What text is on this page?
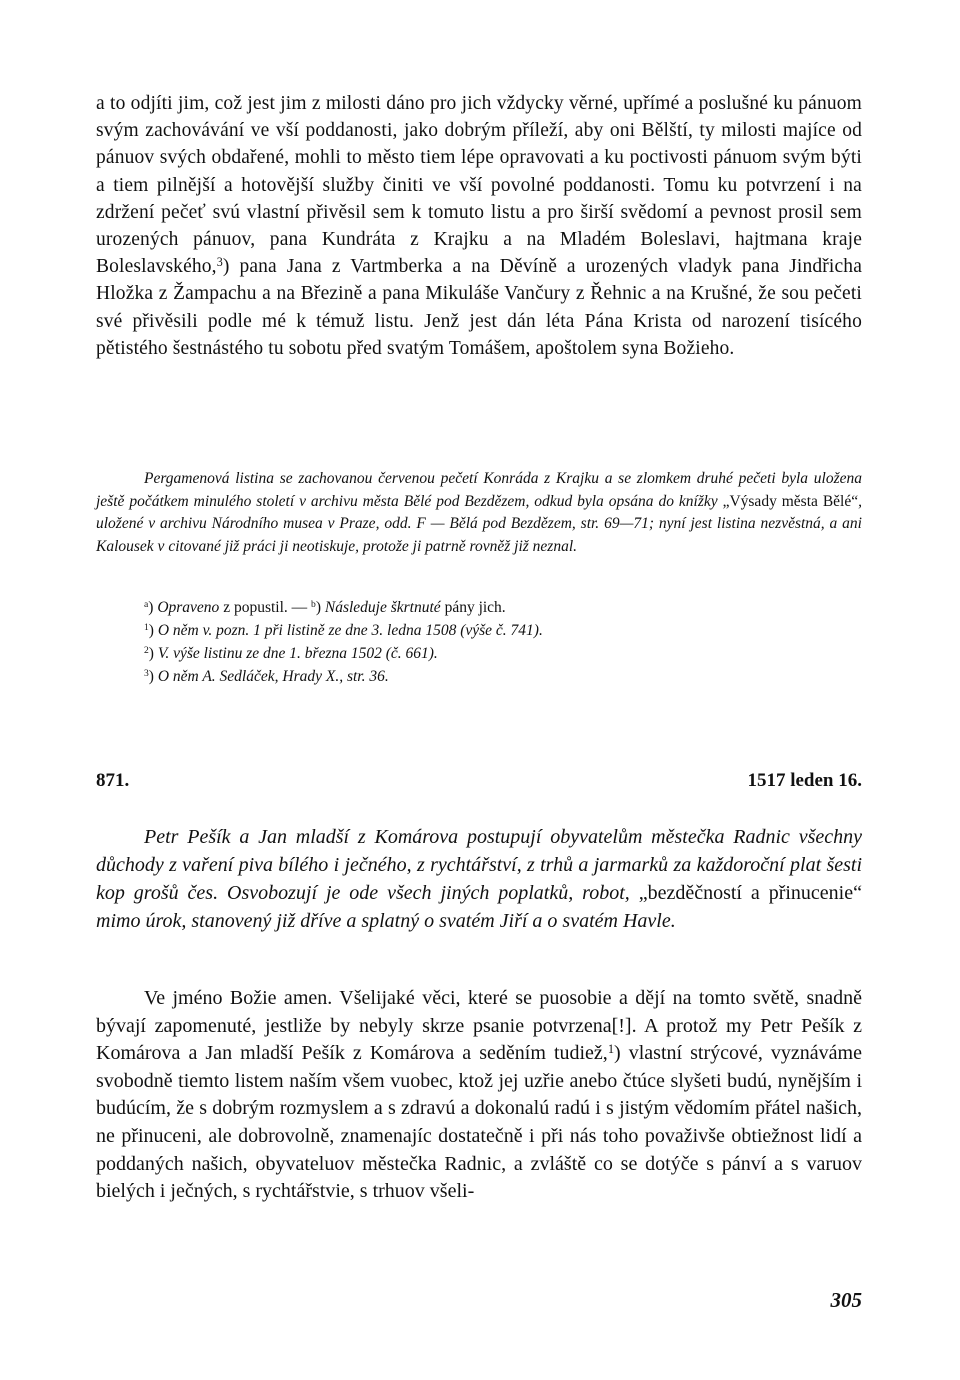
a to odjíti jim, což jest jim z milosti dáno pro jich vždycky věrné, upřímé a poslušné ku pánuom svým zachovávání ve vší poddanosti, jako dobrým příleží, aby oni Bělští, ty milosti majíce od pánuov svých obdařené, mohli to město tiem lépe opravovati a ku poctivosti pánuom svým býti a tiem pilnější a hotovější služby činiti ve vší povolné poddanosti. Tomu ku potvrzení i na zdržení pečeť svú vlastní přivěsil sem k tomuto listu a pro širší svědomí a pevnost prosil sem urozených pánuov, pana Kundráta z Krajku a na Mladém Boleslavi, hajtmana kraje Boleslavského,$^3$) pana Jana z Vartmberka a na Děvíně a urozených vladyk pana Jindřicha Hložka z Žampachu a na Březině a pana Mikuláše Vančury z Řehnic a na Krušné, že sou pečeti své přivěsili podle mé k témuž listu. Jenž jest dán léta Pána Krista od narození tisícého pětistého šestnástého tu sobotu před svatým Tomášem, apoštolem syna Božieho.
Pergamenová listina se zachovanou červenou pečetí Konráda z Krajku a se zlomkem druhé pečeti byla uložena ještě počátkem minulého století v archivu města Bělé pod Bezdězem, odkud byla opsána do knížky „Výsady města Bělé“, uložené v archivu Národního musea v Praze, odd. F — Bělá pod Bezdězem, str. 69—71; nyní jest listina nezvěstná, a ani Kalousek v citované již práci ji neotiskuje, protože ji patrně rovněž již neznal.
$^a$) Opraveno z popustil. — $^b$) Následuje škrtnuté pány jich.
$^1$) O něm v. pozn. 1 při listině ze dne 3. ledna 1508 (výše č. 741).
$^2$) V. výše listinu ze dne 1. března 1502 (č. 661).
$^3$) O něm A. Sedláček, Hrady X., str. 36.
871.	1517 leden 16.
Petr Pešík a Jan mladší z Komárova postupují obyvatelům městečka Radnic všechny důchody z vaření piva bílého i ječného, z rychtářství, z trhů a jarmarků za každoroční plat šesti kop grošů čes. Osvobozují je ode všech jiných poplatků, robot, „bezděčností a přinucenie“ mimo úrok, stanovený již dříve a splatný o svatém Jiří a o svatém Havle.
Ve jméno Božie amen. Všelijaké věci, které se puosobie a dějí na tomto světě, snadně bývají zapomenuté, jestliže by nebyly skrze psanie potvrzena[!]. A protož my Petr Pešík z Komárova a Jan mladší Pešík z Komárova a seděním tudiež,$^1$) vlastní strýcové, vyznáváme svobodně tiemto listem naším všem vuobec, ktož jej uzřie anebo čtúce slyšeti budú, nynějším i budúcím, že s dobrým rozmyslem a s zdravú a dokonalú radú i s jistým vědomím přátel našich, ne přinuceni, ale dobrovolně, znamenajíc dostatečně i při nás toho považivše obtiežnost lidí a poddaných našich, obyvateluov městečka Radnic, a zvláště co se dotýče s pánví a s varuov bielých i ječných, s rychtářstvie, s trhuov všeli-
305
